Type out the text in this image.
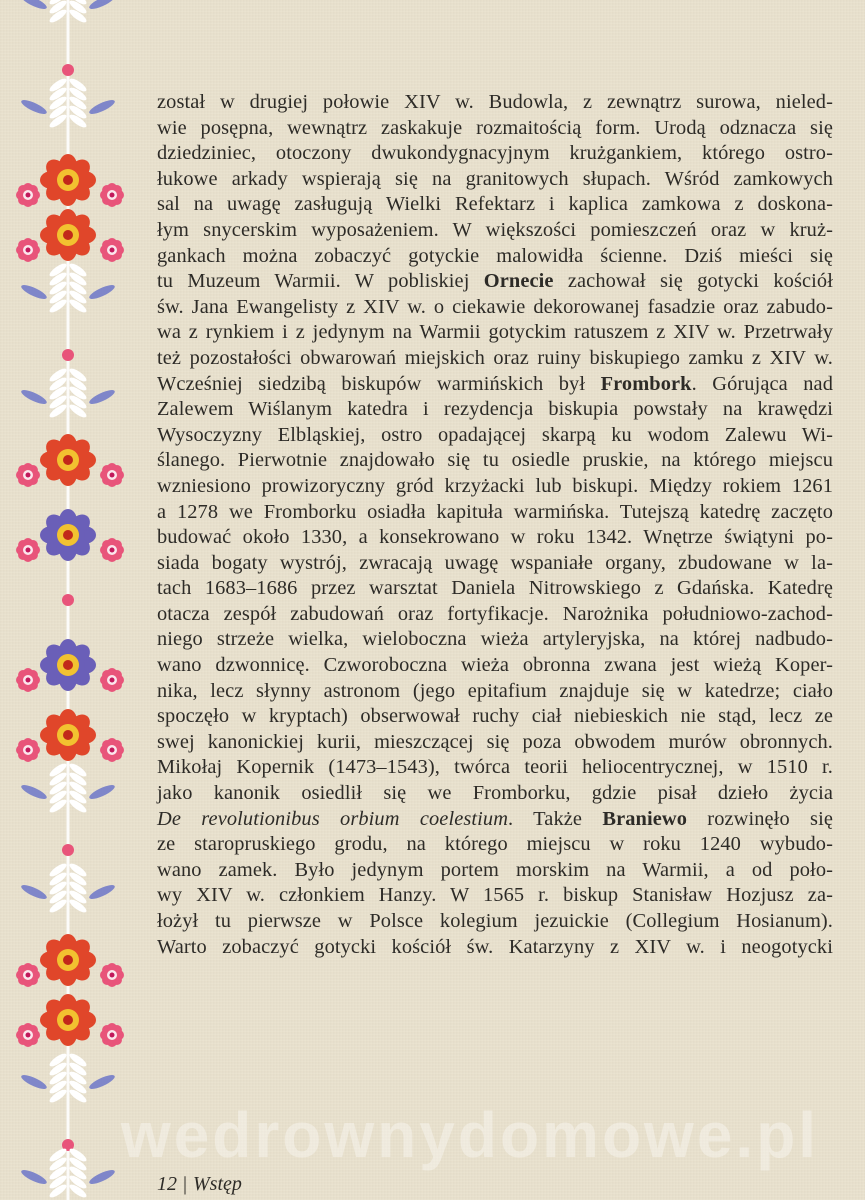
został w drugiej połowie XIV w. Budowla, z zewnątrz surowa, nieled-
wie posępna, wewnątrz zaskakuje rozmaitością form. Urodą odznacza się
dziedziniec, otoczony dwukondygnacyjnym krużgankiem, którego ostro-
łukowe arkady wspierają się na granitowych słupach. Wśród zamkowych
sal na uwagę zasługują Wielki Refektarz i kaplica zamkowa z doskona-
łym snycerskim wyposażeniem. W większości pomieszczeń oraz w kruż-
gankach można zobaczyć gotyckie malowidła ścienne. Dziś mieści się
tu Muzeum Warmii. W pobliskiej Ornecie zachował się gotycki kościół
św. Jana Ewangelisty z XIV w. o ciekawie dekorowanej fasadzie oraz zabudo-
wa z rynkiem i z jedynym na Warmii gotyckim ratuszem z XIV w. Przetrwały
też pozostałości obwarowań miejskich oraz ruiny biskupiego zamku z XIV w.
Wcześniej siedzibą biskupów warmińskich był Frombork. Górująca nad
Zalewem Wiślanym katedra i rezydencja biskupia powstały na krawędzi
Wysoczyzny Elbląskiej, ostro opadającej skarpą ku wodom Zalewu Wi-
ślanego. Pierwotnie znajdowało się tu osiedle pruskie, na którego miejscu
wzniesiono prowizoryczny gród krzyżacki lub biskupi. Między rokiem 1261
a 1278 we Fromborku osiadła kapituła warmińska. Tutejszą katedrę zaczęto
budować około 1330, a konsekrowano w roku 1342. Wnętrze świątyni po-
siada bogaty wystrój, zwracają uwagę wspaniałe organy, zbudowane w la-
tach 1683–1686 przez warsztat Daniela Nitrowskiego z Gdańska. Katedrę
otacza zespół zabudowań oraz fortyfikacje. Narożnika południowo-zachod-
niego strzeże wielka, wieloboczna wieża artyleryjska, na której nadbudo-
wano dzwonnicę. Czworoboczna wieża obronna zwana jest wieżą Koper-
nika, lecz słynny astronom (jego epitafium znajduje się w katedrze; ciało
spoczęło w kryptach) obserwował ruchy ciał niebieskich nie stąd, lecz ze
swej kanonickiej kurii, mieszczącej się poza obwodem murów obronnych.
Mikołaj Kopernik (1473–1543), twórca teorii heliocentrycznej, w 1510 r.
jako kanonik osiedlił się we Fromborku, gdzie pisał dzieło życia
De revolutionibus orbium coelestium. Także Braniewo rozwinęło się
ze staropruskiego grodu, na którego miejscu w roku 1240 wybudo-
wano zamek. Było jedynym portem morskim na Warmii, a od poło-
wy XIV w. członkiem Hanzy. W 1565 r. biskup Stanisław Hozjusz za-
łożył tu pierwsze w Polsce kolegium jezuickie (Collegium Hosianum).
Warto zobaczyć gotycki kościół św. Katarzyny z XIV w. i neogotycki
wedrownydomowe.pl
12 | Wstęp
